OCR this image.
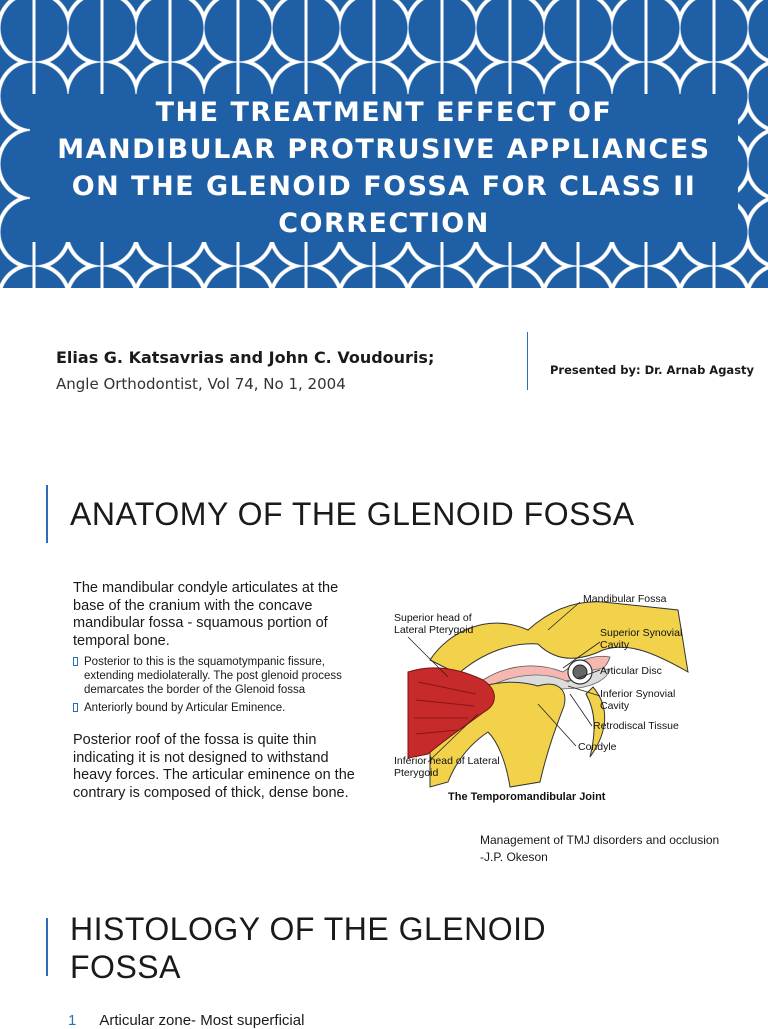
THE TREATMENT EFFECT OF MANDIBULAR PROTRUSIVE APPLIANCES ON THE GLENOID FOSSA FOR CLASS II CORRECTION
Elias G. Katsavrias and John C. Voudouris;
Angle Orthodontist, Vol 74, No 1, 2004
Presented by: Dr. Arnab Agasty
ANATOMY OF THE GLENOID FOSSA
The mandibular condyle articulates at the base of the cranium with the concave mandibular fossa - squamous portion of temporal bone.
Posterior to this is the squamotympanic fissure, extending mediolaterally. The post glenoid process demarcates the border of the Glenoid fossa
Anteriorly bound by Articular Eminence.
Posterior roof of the fossa is quite thin indicating it is not designed to withstand heavy forces. The articular eminence on the contrary is composed of thick, dense bone.
Mandibular Fossa
Superior head of Lateral Pterygoid	Superior Synovial Cavity
Articular Disc
Inferior Synovial Cavity
Retrodiscal Tissue
Condyle
Inferior head of Lateral Pterygoid
The Temporomandibular Joint
Management of TMJ disorders and occlusion
-J.P. Okeson
HISTOLOGY OF THE GLENOID
FOSSA
1 Articular zone- Most superficial
